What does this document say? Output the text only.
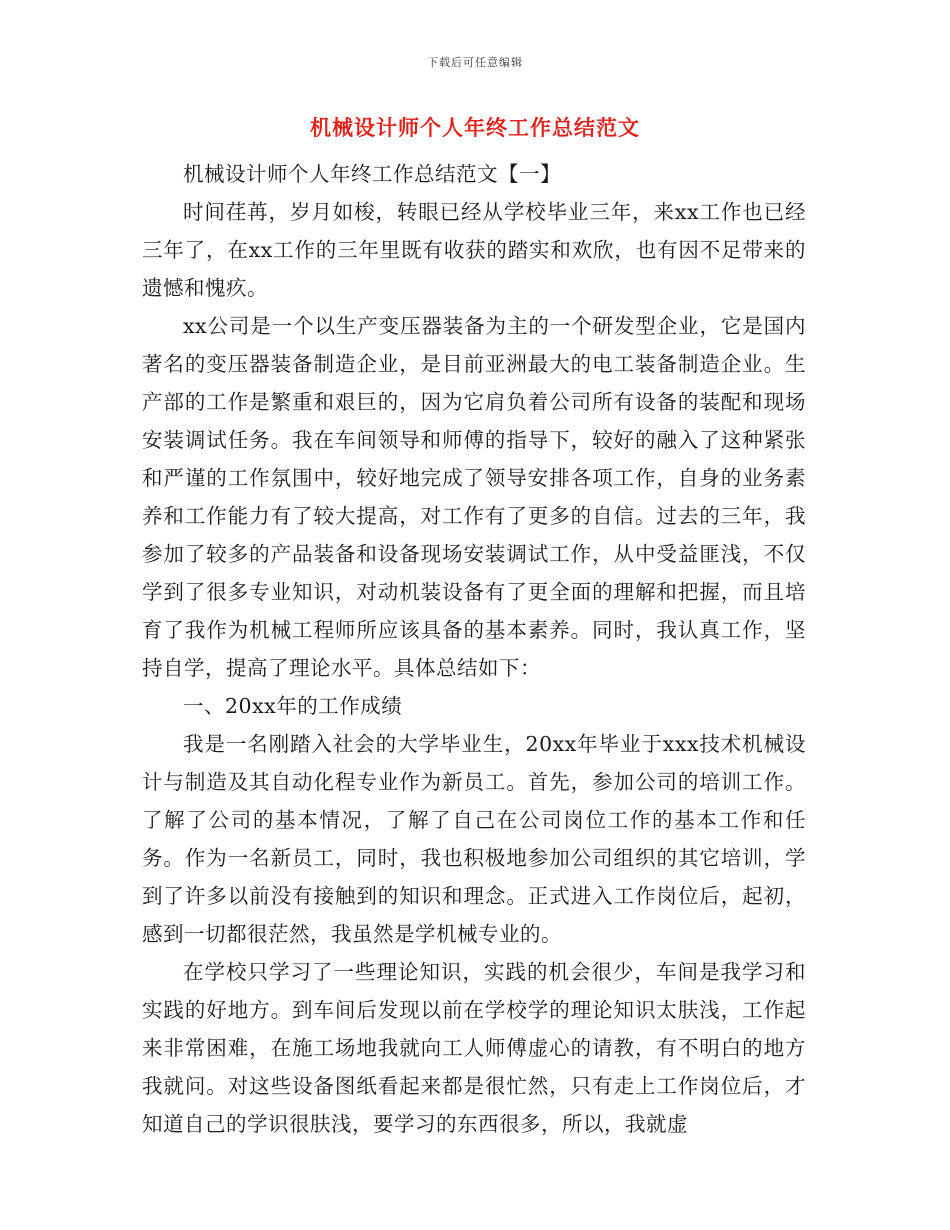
下载后可任意编辑
机械设计师个人年终工作总结范文

机械设计师个人年终工作总结范文【一】

时间荏苒，岁月如梭，转眼已经从学校毕业三年，来xx工作也已经三年了，在xx工作的三年里既有收获的踏实和欢欣，也有因不足带来的遗憾和愧疚。

xx公司是一个以生产变压器装备为主的一个研发型企业，它是国内著名的变压器装备制造企业，是目前亚洲最大的电工装备制造企业。生产部的工作是繁重和艰巨的，因为它肩负着公司所有设备的装配和现场安装调试任务。我在车间领导和师傅的指导下，较好的融入了这种紧张和严谨的工作氛围中，较好地完成了领导安排各项工作，自身的业务素养和工作能力有了较大提高，对工作有了更多的自信。过去的三年，我参加了较多的产品装备和设备现场安装调试工作，从中受益匪浅，不仅学到了很多专业知识，对动机装设备有了更全面的理解和把握，而且培育了我作为机械工程师所应该具备的基本素养。同时，我认真工作，坚持自学，提高了理论水平。具体总结如下：

一、20xx年的工作成绩

我是一名刚踏入社会的大学毕业生，20xx年毕业于xxx技术机械设计与制造及其自动化程专业作为新员工。首先，参加公司的培训工作。了解了公司的基本情况，了解了自己在公司岗位工作的基本工作和任务。作为一名新员工，同时，我也积极地参加公司组织的其它培训，学到了许多以前没有接触到的知识和理念。正式进入工作岗位后，起初，感到一切都很茫然，我虽然是学机械专业的。

在学校只学习了一些理论知识，实践的机会很少，车间是我学习和实践的好地方。到车间后发现以前在学校学的理论知识太肤浅，工作起来非常困难，在施工场地我就向工人师傅虚心的请教，有不明白的地方我就问。对这些设备图纸看起来都是很忙然，只有走上工作岗位后，才知道自己的学识很肤浅，要学习的东西很多，所以，我就虚
